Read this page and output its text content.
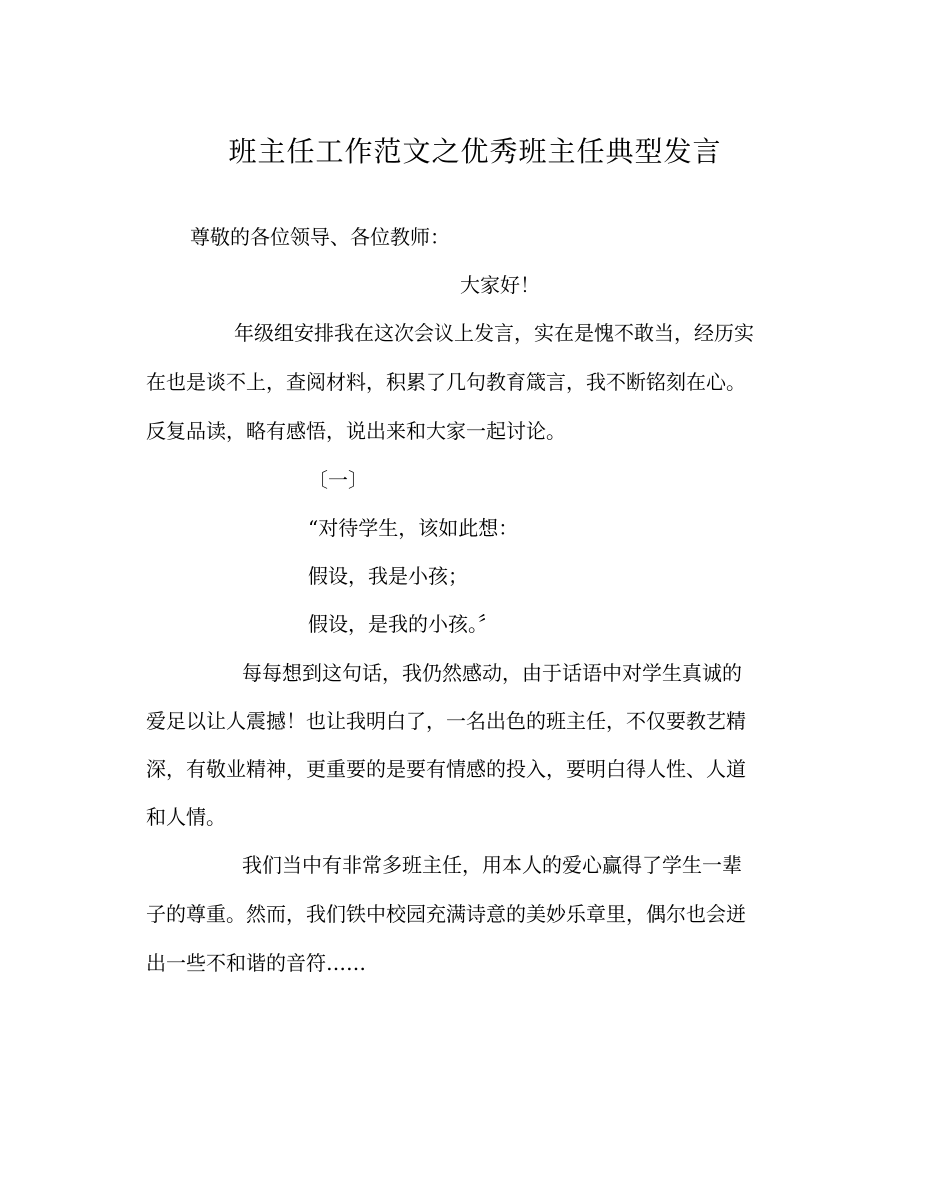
班主任工作范文之优秀班主任典型发言

尊敬的各位领导、各位教师：

大家好！

年级组安排我在这次会议上发言，实在是愧不敢当，经历实

在也是谈不上，查阅材料，积累了几句教育箴言，我不断铭刻在心。

反复品读，略有感悟，说出来和大家一起讨论。

〔一〕

“对待学生，该如此想：

假设，我是小孩；

假设，是我的小孩。〞

每每想到这句话，我仍然感动，由于话语中对学生真诚的

爱足以让人震撼！也让我明白了，一名出色的班主任，不仅要教艺精

深，有敬业精神，更重要的是要有情感的投入，要明白得人性、人道

和人情。

我们当中有非常多班主任，用本人的爱心赢得了学生一辈

子的尊重。然而，我们铁中校园充满诗意的美妙乐章里，偶尔也会迸

出一些不和谐的音符……
